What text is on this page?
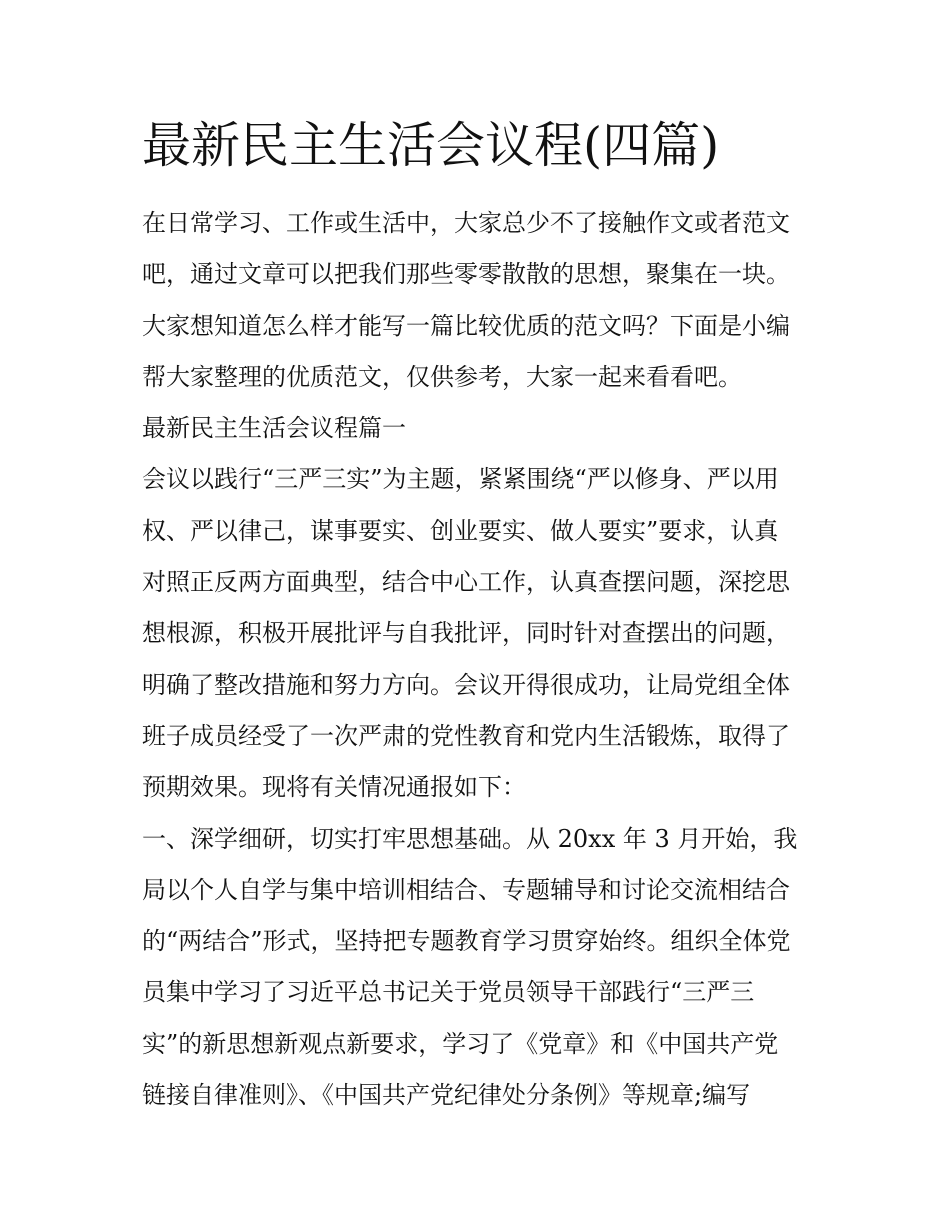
最新民主生活会议程(四篇)
在日常学习、工作或生活中，大家总少不了接触作文或者范文
吧，通过文章可以把我们那些零零散散的思想，聚集在一块。
大家想知道怎么样才能写一篇比较优质的范文吗？下面是小编
帮大家整理的优质范文，仅供参考，大家一起来看看吧。
最新民主生活会议程篇一
会议以践行“三严三实”为主题，紧紧围绕“严以修身、严以用
权、严以律己，谋事要实、创业要实、做人要实”要求，认真
对照正反两方面典型，结合中心工作，认真查摆问题，深挖思
想根源，积极开展批评与自我批评，同时针对查摆出的问题，
明确了整改措施和努力方向。会议开得很成功，让局党组全体
班子成员经受了一次严肃的党性教育和党内生活锻炼，取得了
预期效果。现将有关情况通报如下：
一、深学细研，切实打牢思想基础。从 20xx 年 3 月开始，我
局以个人自学与集中培训相结合、专题辅导和讨论交流相结合
的“两结合”形式，坚持把专题教育学习贯穿始终。组织全体党
员集中学习了习近平总书记关于党员领导干部践行“三严三
实”的新思想新观点新要求，学习了《党章》和《中国共产党
链接自律准则》、《中国共产党纪律处分条例》等规章;编写
